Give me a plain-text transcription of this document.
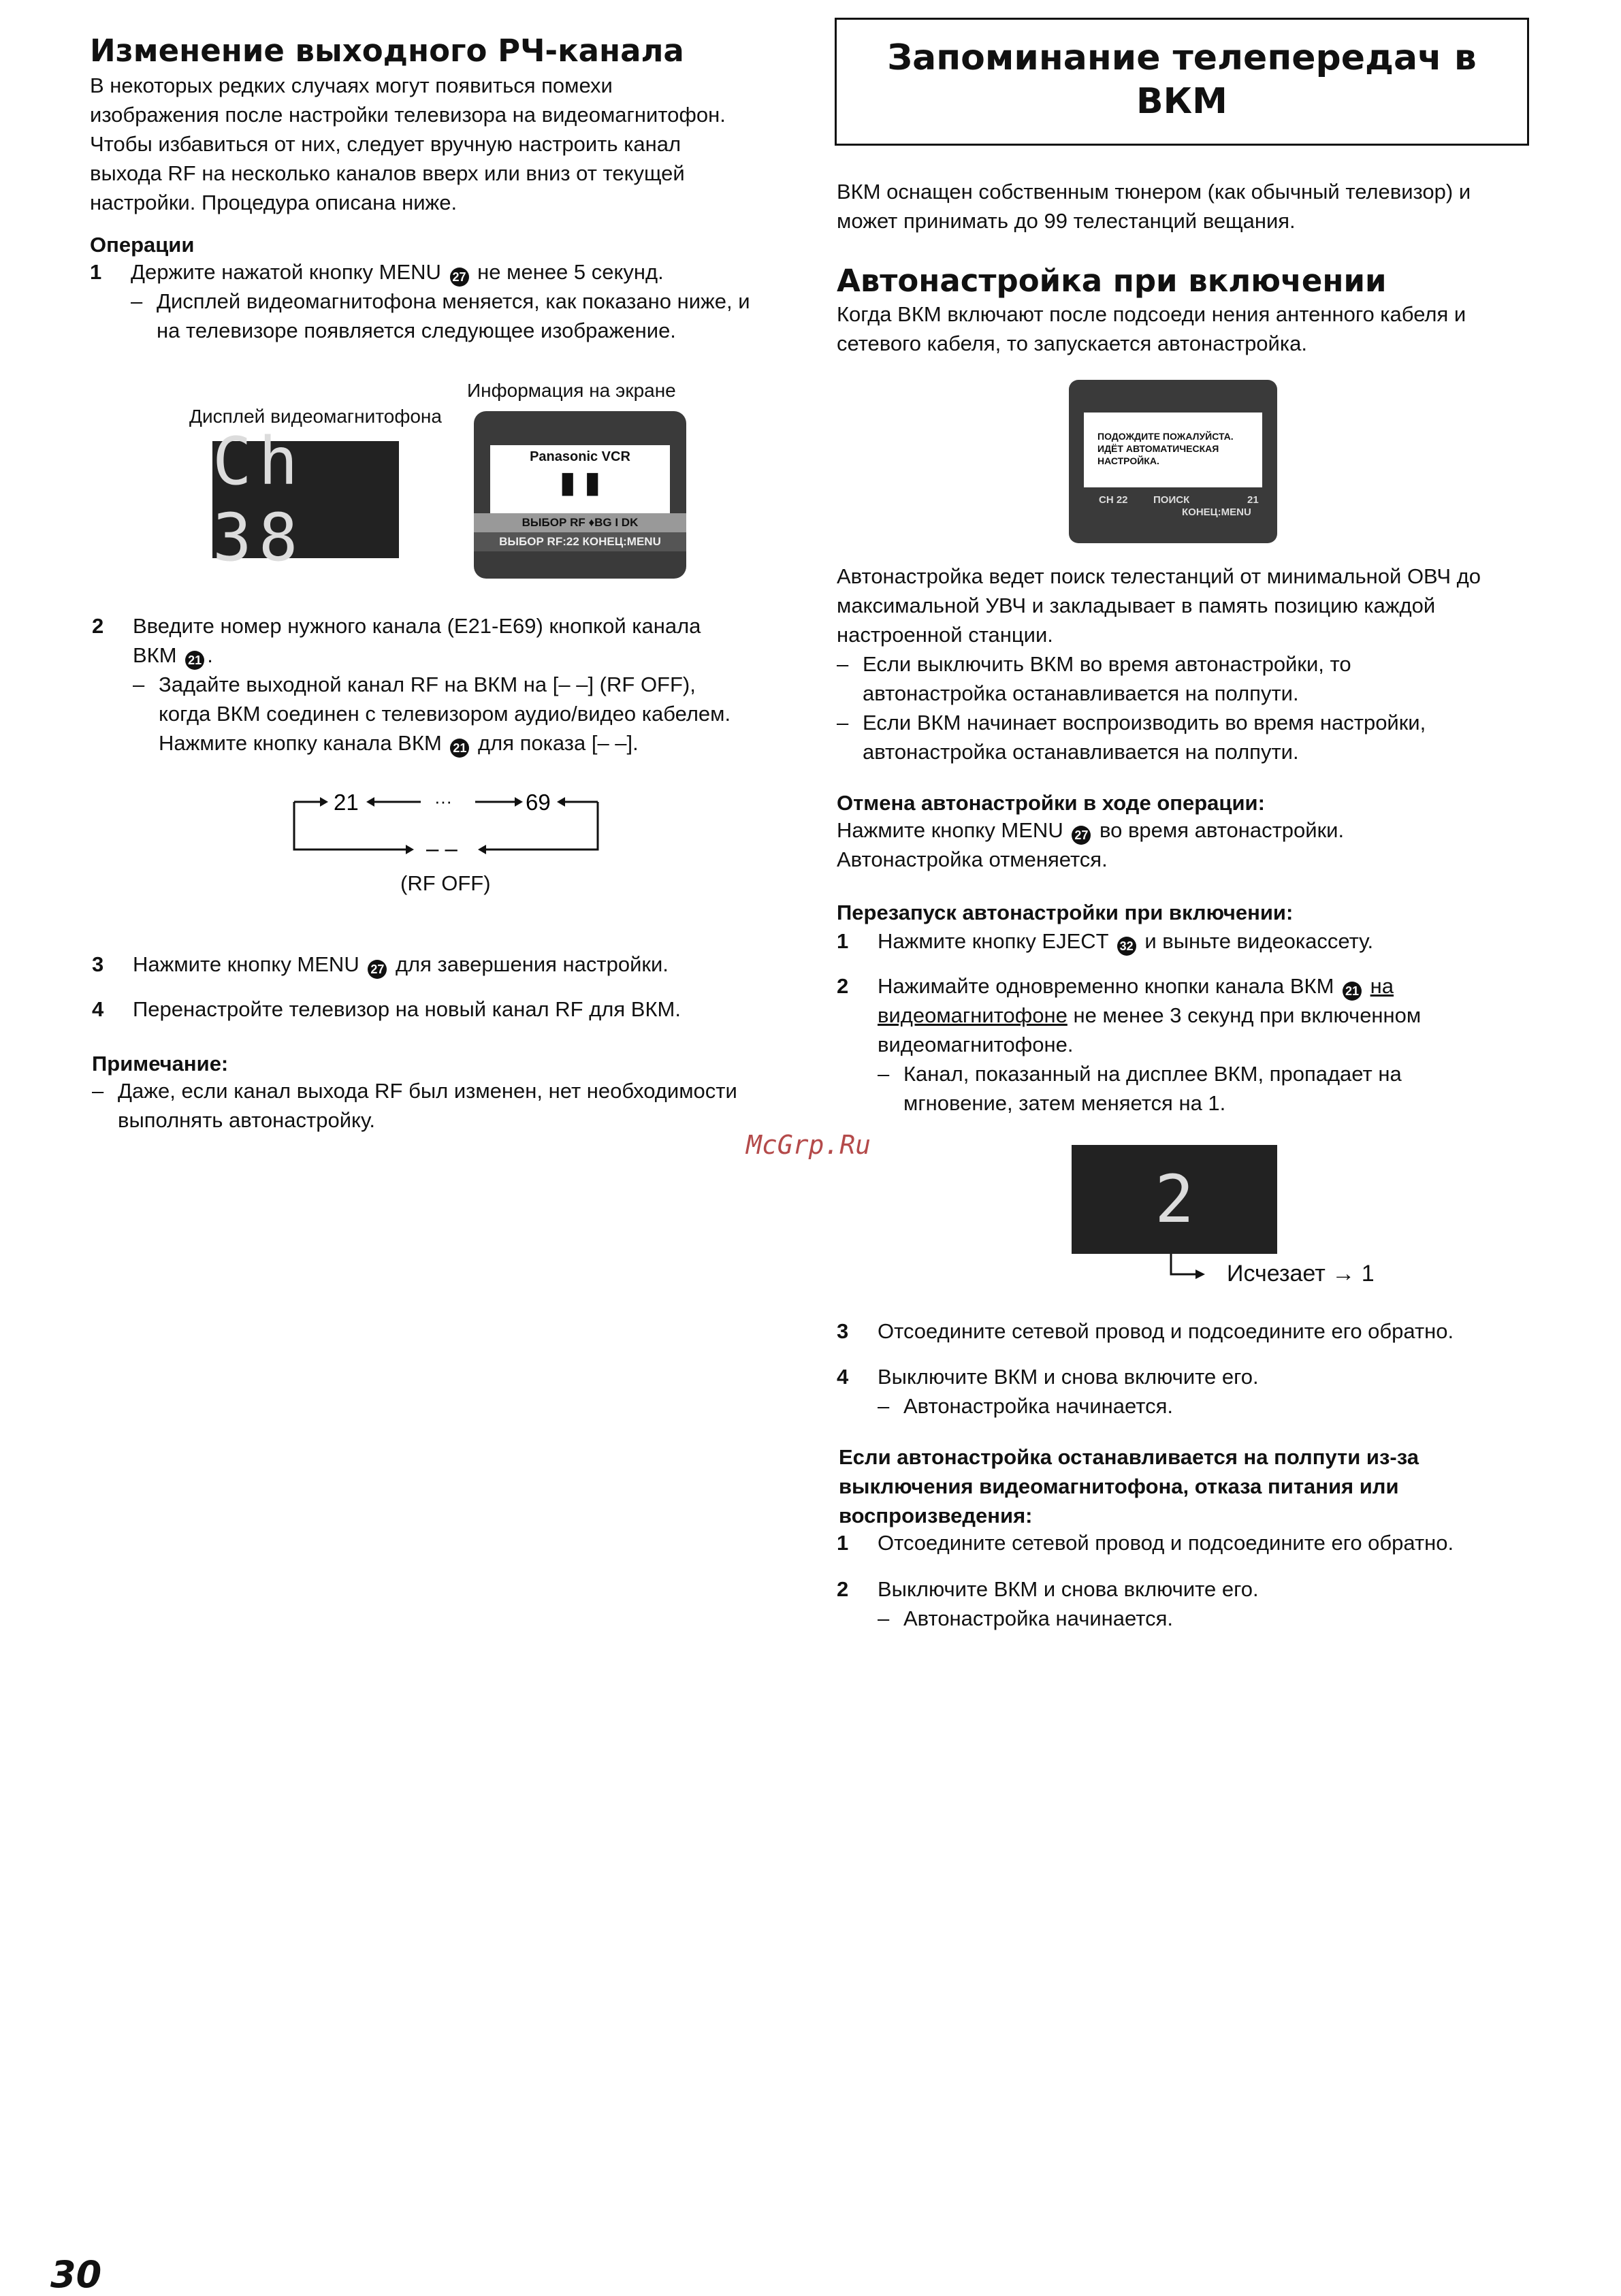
Изменение выходного РЧ-канала

В некоторых редких случаях могут появиться помехи

изображения после настройки телевизора на видеомагнитофон.

Чтобы избавиться от них, следует вручную настроить канал

выхода RF на несколько каналов вверх или вниз от текущей

настройки. Процедура описана ниже.

Операции

1 Держите нажатой кнопку MENU 27 не менее 5 секунд.

– Дисплей видеомагнитофона меняется, как показано ниже, и

на телевизоре появляется следующее изображение.

Информация на экране

Дисплей видеомагнитофона

Ch 38
Panasonic VCR
▮ ▮
ВЫБОР RF ♦BG I DK
ВЫБОР RF:22 КОНЕЦ:MENU

2 Введите номер нужного канала (E21-E69) кнопкой канала

ВКМ 21 .

– Задайте выходной канал RF на ВКМ на [– –] (RF OFF),

когда ВКМ соединен с телевизором аудио/видео кабелем.

Нажмите кнопку канала ВКМ 21 для показа [– –].

21	···	69
– –

(RF OFF)

3 Нажмите кнопку MENU 27 для завершения настройки.

4 Перенастройте телевизор на новый канал RF для ВКМ.

Примечание:

– Даже, если канал выхода RF был изменен, нет необходимости

выполнять автонастройку.

McGrp.Ru

Запоминание телепередач в

ВКМ

ВКМ оснащен собственным тюнером (как обычный телевизор) и

может принимать до 99 телестанций вещания.

Автонастройка при включении

Когда ВКМ включают после подсоеди нения антенного кабеля и

сетевого кабеля, то запускается автонастройка.

ПОДОЖДИТЕ ПОЖАЛУЙСТА.
ИДЁТ АВТОМАТИЧЕСКАЯ
НАСТРОЙКА.
CH 22 ПОИСК	21
КОНЕЦ:MENU

Автонастройка ведет поиск телестанций от минимальной ОВЧ до

максимальной УВЧ и закладывает в память позицию каждой

настроенной станции.

– Если выключить ВКМ во время автонастройки, то

автонастройка останавливается на полпути.

– Если ВКМ начинает воспроизводить во время настройки,

автонастройка останавливается на полпути.

Отмена автонастройки в ходе операции:

Нажмите кнопку MENU 27 во время автонастройки.

Автонастройка отменяется.

Перезапуск автонастройки при включении:

1 Нажмите кнопку EJECT 32 и выньте видеокассету.

2 Нажимайте одновременно кнопки канала ВКМ 21 на

видеомагнитофоне не менее 3 секунд при включенном

видеомагнитофоне.

– Канал, показанный на дисплее ВКМ, пропадает на

мгновение, затем меняется на 1.

2

Исчезает → 1

3 Отсоедините сетевой провод и подсоедините его обратно.

4 Выключите ВКМ и снова включите его.

– Автонастройка начинается.

Если автонастройка останавливается на полпути из-за

выключения видеомагнитофона, отказа питания или

воспроизведения:

1 Отсоедините сетевой провод и подсоедините его обратно.

2 Выключите ВКМ и снова включите его.

– Автонастройка начинается.

30
